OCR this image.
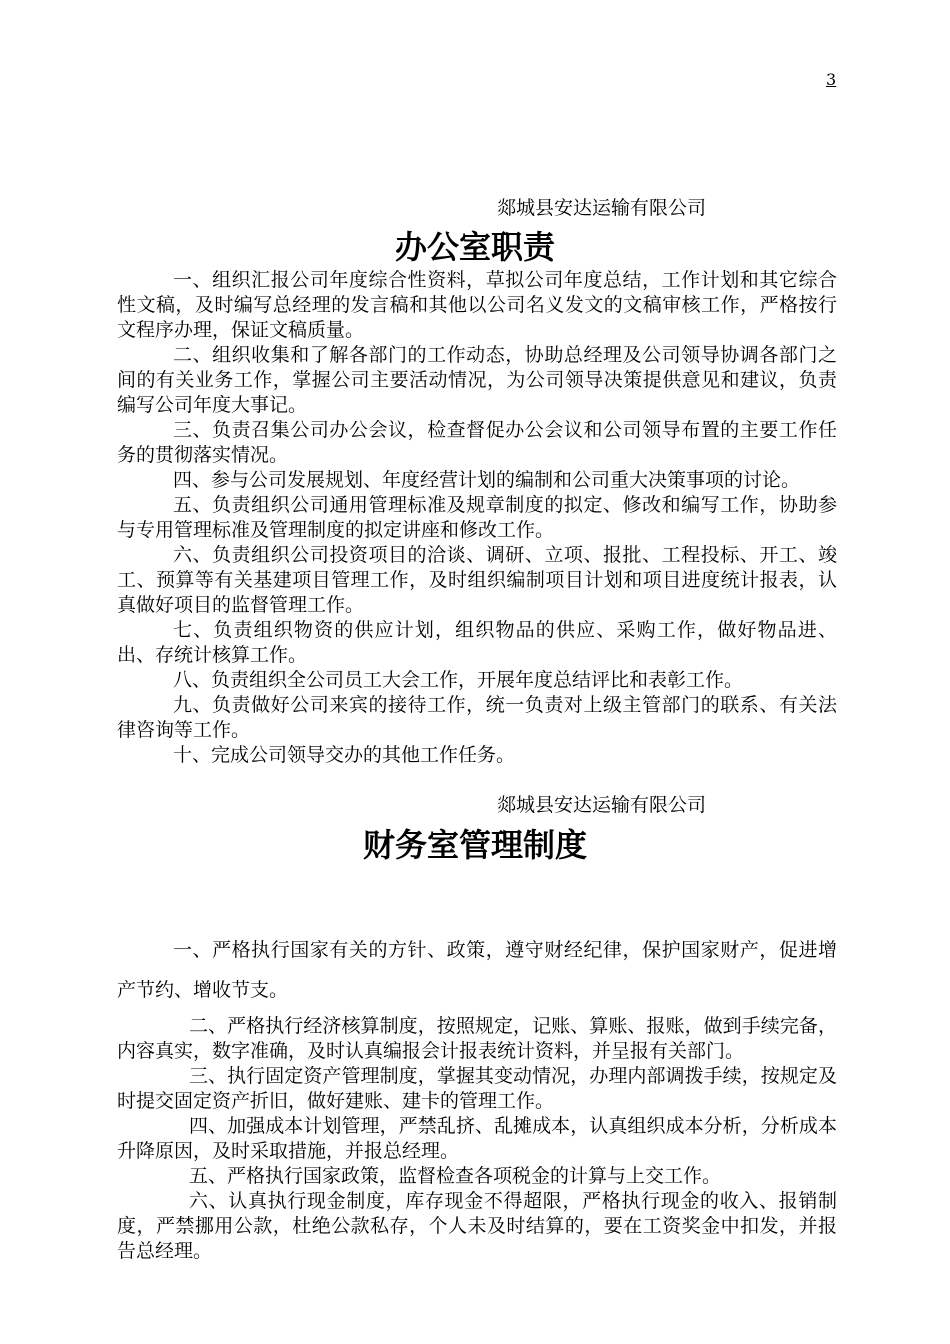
3
郯城县安达运输有限公司
办公室职责

一、组织汇报公司年度综合性资料，草拟公司年度总结，工作计划和其它综合性文稿，及时编写总经理的发言稿和其他以公司名义发文的文稿审核工作，严格按行文程序办理，保证文稿质量。

二、组织收集和了解各部门的工作动态，协助总经理及公司领导协调各部门之间的有关业务工作，掌握公司主要活动情况，为公司领导决策提供意见和建议，负责编写公司年度大事记。

三、负责召集公司办公会议，检查督促办公会议和公司领导布置的主要工作任务的贯彻落实情况。

四、参与公司发展规划、年度经营计划的编制和公司重大决策事项的讨论。

五、负责组织公司通用管理标准及规章制度的拟定、修改和编写工作，协助参与专用管理标准及管理制度的拟定讲座和修改工作。

六、负责组织公司投资项目的洽谈、调研、立项、报批、工程投标、开工、竣工、预算等有关基建项目管理工作，及时组织编制项目计划和项目进度统计报表，认真做好项目的监督管理工作。

七、负责组织物资的供应计划，组织物品的供应、采购工作，做好物品进、出、存统计核算工作。

八、负责组织全公司员工大会工作，开展年度总结评比和表彰工作。

九、负责做好公司来宾的接待工作，统一负责对上级主管部门的联系、有关法律咨询等工作。

十、完成公司领导交办的其他工作任务。

郯城县安达运输有限公司
财务室管理制度

一、严格执行国家有关的方针、政策，遵守财经纪律，保护国家财产，促进增产节约、增收节支。

二、严格执行经济核算制度，按照规定，记账、算账、报账，做到手续完备，内容真实，数字准确，及时认真编报会计报表统计资料，并呈报有关部门。

三、执行固定资产管理制度，掌握其变动情况，办理内部调拨手续，按规定及时提交固定资产折旧，做好建账、建卡的管理工作。

四、加强成本计划管理，严禁乱挤、乱摊成本，认真组织成本分析，分析成本升降原因，及时采取措施，并报总经理。

五、严格执行国家政策，监督检查各项税金的计算与上交工作。

六、认真执行现金制度，库存现金不得超限，严格执行现金的收入、报销制度，严禁挪用公款，杜绝公款私存，个人未及时结算的，要在工资奖金中扣发，并报告总经理。
